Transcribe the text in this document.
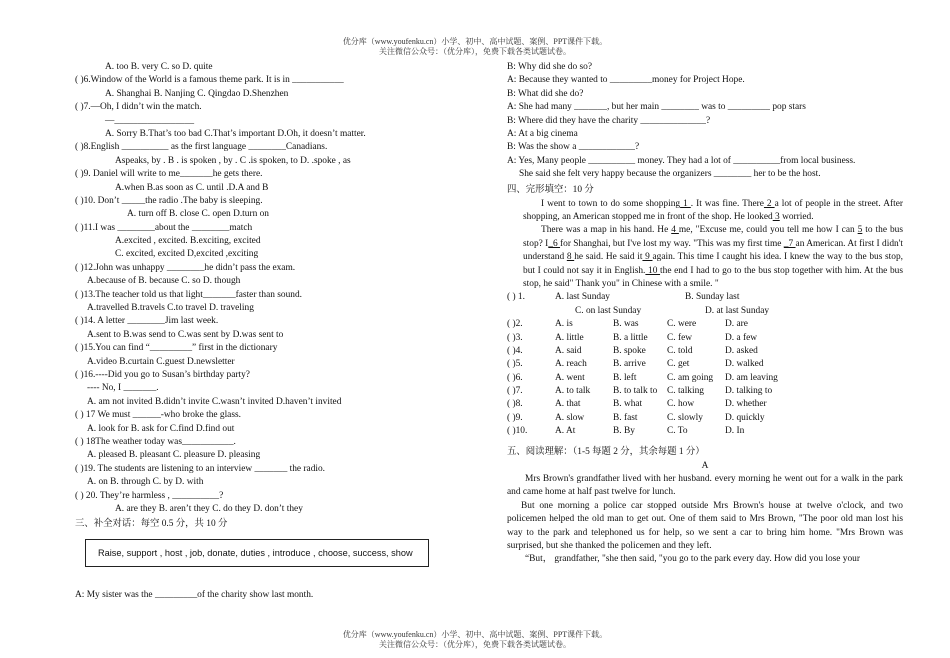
优分库（www.youfenku.cn）小学、初中、高中试题、案例、PPT课件下载。
关注微信公众号：（优分库），免费下载各类试题试卷。
A. too B. very C. so D. quite
( )6.Window of the World is a famous theme park. It is in ___________
A. Shanghai B. Nanjing C. Qingdao D.Shenzhen
( )7.—Oh, I didn’t win the match.
—_________________
A. Sorry B.That’s too bad C.That’s important D.Oh, it doesn’t matter.
( )8.English __________ as the first language ________Canadians.
Aspeaks, by . B . is spoken , by . C .is spoken, to D. .spoke , as
( )9. Daniel will write to me_______he gets there.
A.when B.as soon as C. until .D.A and B
( )10. Don’t _____the radio .The baby is sleeping.
A. turn off B. close C. open D.turn on
( )11.I was ________about the ________match
A.excited , excited. B.exciting, excited
C. excited, excited D,excited ,exciting
( )12.John was unhappy ________he didn’t pass the exam.
A.because of B. because C. so D. though
( )13.The teacher told us that light_______faster than sound.
A.travelled B.travels C.to travel D. traveling
( )14. A letter ________Jim last week.
A.sent to B.was send to C.was sent by D.was sent to
( )15.You can find “_________” first in the dictionary
A.video B.curtain C.guest D.newsletter
( )16.----Did you go to Susan’s birthday party?
---- No, I _______.
A. am not invited B.didn’t invite C.wasn’t invited D.haven’t invited
( ) 17 We must ______-who broke the glass.
A. look for B. ask for C.find D.find out
( ) 18The weather today was___________.
A. pleased B. pleasant C. pleasure D. pleasing
( )19. The students are listening to an interview _______ the radio.
A. on B. through C. by D. with
( ) 20. They’re harmless , __________?
A. are they B. aren’t they C. do they D. don’t they
三、补全对话：每空 0.5 分，共 10 分
Raise, support , host , job, donate, duties , introduce , choose, success, show
A: My sister was the _________of the charity show last month.
B: Why did she do so?
A: Because they wanted to _________money for Project Hope.
B: What did she do?
A: She had many _______, but her main ________ was to _________ pop stars
B: Where did they have the charity ______________?
A: At a big cinema
B: Was the show a ____________?
A: Yes, Many people __________ money. They had a lot of __________from local business.
She said she felt very happy because the organizers ________ her to be the host.
四、完形填空：10 分

I went to town to do some shopping 1 . It was fine. There 2 a lot of people in the street. After shopping, an American stopped me in front of the shop. He looked 3 worried.

There was a map in his hand. He 4 me, "Excuse me, could you tell me how I can 5 to the bus stop? I_6 for Shanghai, but I've lost my way. "This was my first time _7 an American. At first I didn't understand 8 he said. He said it 9 again. This time I caught his idea. I knew the way to the bus stop, but I could not say it in English. 10 the end I had to go to the bus stop together with him. At the bus stop, he said" Thank you" in Chinese with a smile. "

( ) 1.	A. last Sunday	B. Sunday last
C. on last Sunday	D. at last Sunday
( )2.	A. is	B. was	C. were	D. are
( )3.	A. little	B. a little C. few	D. a few
( )4.	A. said	B. spoke C. told	D. asked
( )5.	A. reach	B. arrive C. get	D. walked
( )6.	A. went	B. left	C. am going D. am leaving
( )7.	A. to talk B. to talk to C. talking D. talking to
( )8.	A. that	B. what	C. how	D. whether
( )9.	A. slow	B. fast	C. slowly D. quickly
( )10.	A. At	B. By	C. To	D. In
五、阅读理解：（1-5 每题 2 分，其余每题 1 分）
A

Mrs Brown's grandfather lived with her husband. every morning he went out for a walk in the park and came home at half past twelve for lunch.

But one morning a police car stopped outside Mrs Brown's house at twelve o'clock, and two policemen helped the old man to get out. One of them said to Mrs Brown, "The poor old man lost his way to the park and telephoned us for help, so we sent a car to bring him home. "Mrs Brown was surprised, but she thanked the policemen and they left.

“But， grandfather, "she then said, "you go to the park every day. How did you lose your

优分库（www.youfenku.cn）小学、初中、高中试题、案例、PPT课件下载。
关注微信公众号：（优分库），免费下载各类试题试卷。
